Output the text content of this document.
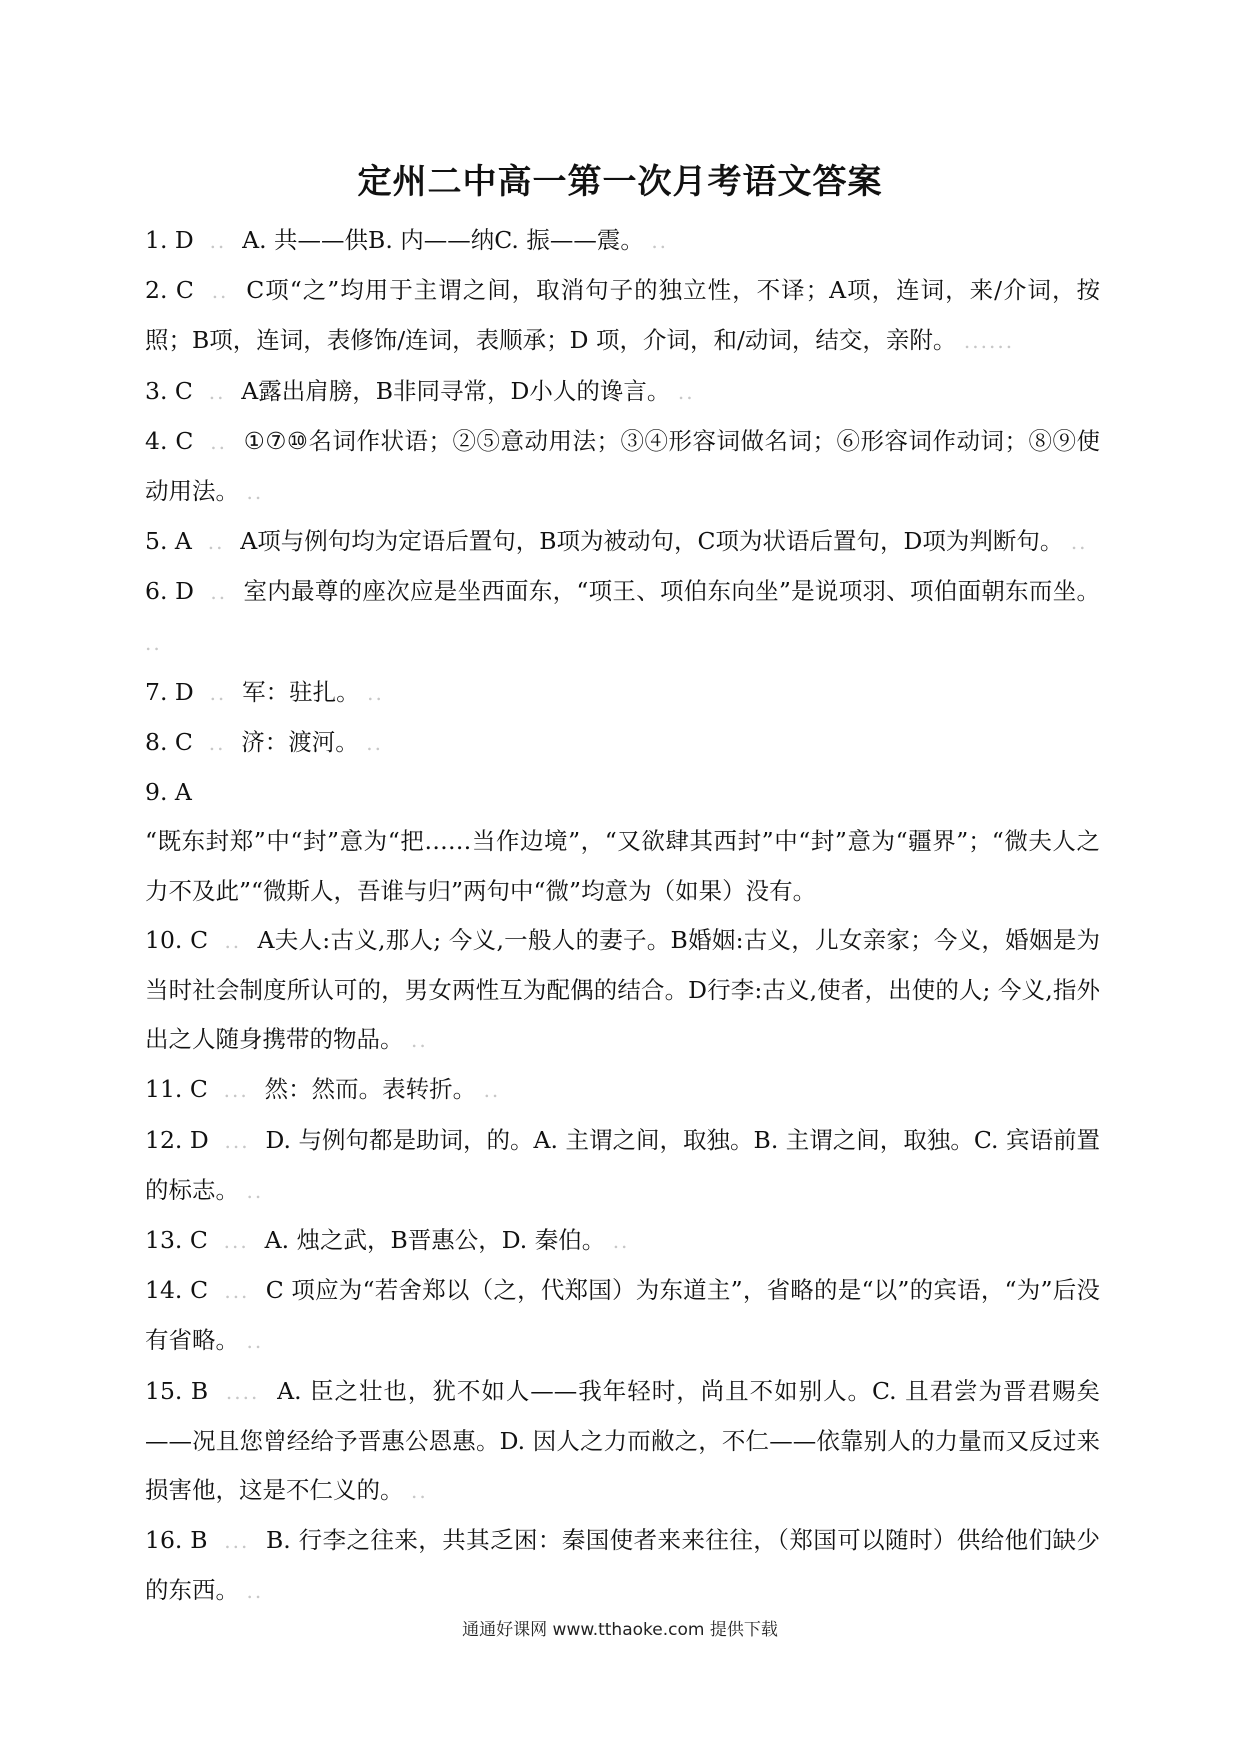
定州二中高一第一次月考语文答案
1. D  ..  A. 共——供B. 内——纳C. 振——震。 ..
2. C  ..  C项“之”均用于主谓之间，取消句子的独立性，不译；A项，连词，来/介词，按照；B项，连词，表修饰/连词，表顺承；D 项，介词，和/动词，结交，亲附。 ......
3. C  ..  A露出肩膀，B非同寻常，D小人的谗言。 ..
4. C  ..  ①⑦⑩名词作状语；②⑤意动用法；③④形容词做名词；⑥形容词作动词；⑧⑨使动用法。 ..
5. A  ..  A项与例句均为定语后置句，B项为被动句，C项为状语后置句，D项为判断句。 ..
6. D  ..  室内最尊的座次应是坐西面东，“项王、项伯东向坐”是说项羽、项伯面朝东而坐。 ..
7. D  ..  军：驻扎。 ..
8. C  ..  济：渡河。 ..
9. A
“既东封郑”中“封”意为“把……当作边境”，“又欲肆其西封”中“封”意为“疆界”；“微夫人之力不及此”“微斯人，吾谁与归”两句中“微”均意为（如果）没有。
10. C  ..  A夫人:古义,那人; 今义,一般人的妻子。B婚姻:古义，儿女亲家；今义，婚姻是为当时社会制度所认可的，男女两性互为配偶的结合。D行李:古义,使者，出使的人; 今义,指外出之人随身携带的物品。 ..
11. C  ...  然：然而。表转折。 ..
12. D  ...  D. 与例句都是助词，的。A. 主谓之间，取独。B. 主谓之间，取独。C. 宾语前置的标志。 ..
13. C  ...  A. 烛之武，B晋惠公，D. 秦伯。 ..
14. C  ...  C 项应为“若舍郑以（之，代郑国）为东道主”，省略的是“以”的宾语，“为”后没有省略。 ..
15. B  ....  A. 臣之壮也，犹不如人——我年轻时，尚且不如别人。C. 且君尝为晋君赐矣——况且您曾经给予晋惠公恩惠。D. 因人之力而敝之，不仁——依靠别人的力量而又反过来损害他，这是不仁义的。 ..
16. B  ...  B. 行李之往来，共其乏困：秦国使者来来往往，（郑国可以随时）供给他们缺少的东西。 ..
通通好课网 www.tthaoke.com 提供下载
